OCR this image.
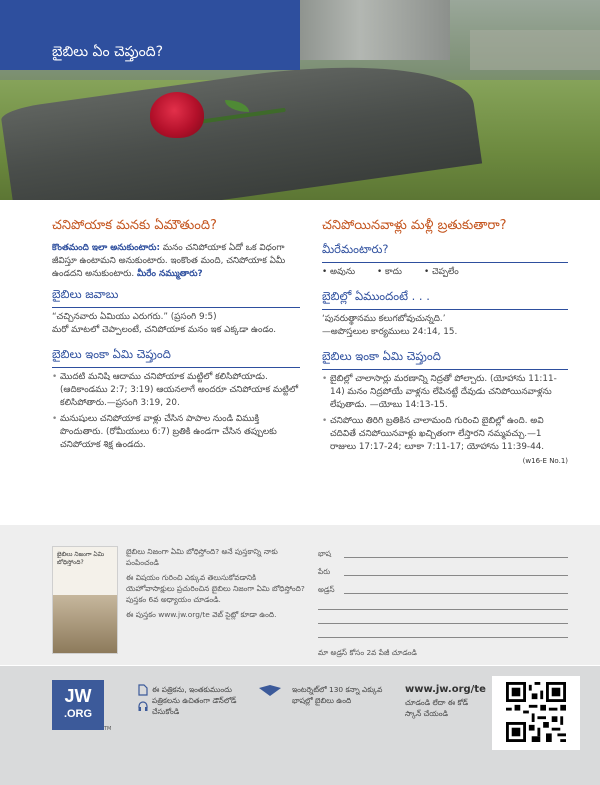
బైబిలు ఏం చెప్తుంది?
చనిపోయాక మనకు ఏమౌతుంది?

కొంతమంది ఇలా అనుకుంటారు: మనం చనిపోయాక ఏదో ఒక విధంగా జీవిస్తూ ఉంటామని అనుకుంటారు. ఇంకొంత మంది, చనిపోయాక ఏమీ ఉండదని అనుకుంటారు. మీరేం నమ్ముతారు?

బైబిలు జవాబు

“చచ్చినవారు ఏమియు ఎరుగరు.” (ప్రసంగి 9:5)

మరో మాటలో చెప్పాలంటే, చనిపోయాక మనం ఇక ఎక్కడా ఉండం.

బైబిలు ఇంకా ఏమి చెప్తుంది
• మొదటి మనిషి ఆదాము చనిపోయాక మట్టిలో కలిసిపోయాడు. (ఆదికాండము 2:7; 3:19) ఆయనలాగే అందరూ చనిపోయాక మట్టిలో కలిసిపోతారు.—ప్రసంగి 3:19, 20.
• మనుషులు చనిపోయాక వాళ్లు చేసిన పాపాల నుండి విముక్తి పొందుతారు. (రోమీయులు 6:7) బ్రతికి ఉండగా చేసిన తప్పులకు చనిపోయాక శిక్ష ఉండదు.
చనిపోయినవాళ్లు మళ్లీ బ్రతుకుతారా?
మీరేమంటారు?
• అవును	• కాదు	• చెప్పలేం
బైబిల్లో ఏముందంటే . . .

‘పునరుత్థానము కలుగబోవుచున్నది.’

—అపొస్తలుల కార్యములు 24:14, 15.

బైబిలు ఇంకా ఏమి చెప్తుంది
• బైబిల్లో చాలాసార్లు మరణాన్ని నిద్రతో పోల్చారు. (యోహాను 11:11-14) మనం నిద్రపోయే వాళ్లను లేపినట్టే దేవుడు చనిపోయినవాళ్లను లేపుతాడు. —యోబు 14:13-15.
• చనిపోయి తిరిగి బ్రతికిన చాలామంది గురించి బైబిల్లో ఉంది. అవి చదివితే చనిపోయినవాళ్లు ఖచ్చితంగా లేస్తారని నమ్మవచ్చు.—1 రాజులు 17:17-24; లూకా 7:11-17; యోహాను 11:39-44.
(w16-E No.1)
బైబిలు నిజంగా ఏమి బోధిస్తోంది?

బైబిలు నిజంగా ఏమి బోధిస్తోంది? అనే పుస్తకాన్ని నాకు పంపించండి

ఈ విషయం గురించి ఎక్కువ తెలుసుకోవడానికి యెహోవాసాక్షులు ప్రచురించిన బైబిలు నిజంగా ఏమి బోధిస్తోంది? పుస్తకం 6వ అధ్యాయం చూడండి.

ఈ పుస్తకం www.jw.org/te వెబ్ సైట్లో కూడా ఉంది.

భాష
పేరు
అడ్రస్
మా అడ్రస్ కోసం 2వ పేజీ చూడండి
JW
.ORG
TM
ఈ పత్రికను, ఇంతకుముందు పత్రికలను ఉచితంగా డౌన్‌లోడ్ చేసుకోండి
ఇంటర్నెట్‌లో 130 కన్నా ఎక్కువ భాషల్లో బైబిలు ఉంది
www.jw.org/te
చూడండి లేదా ఈ కోడ్ స్కాన్ చేయండి
